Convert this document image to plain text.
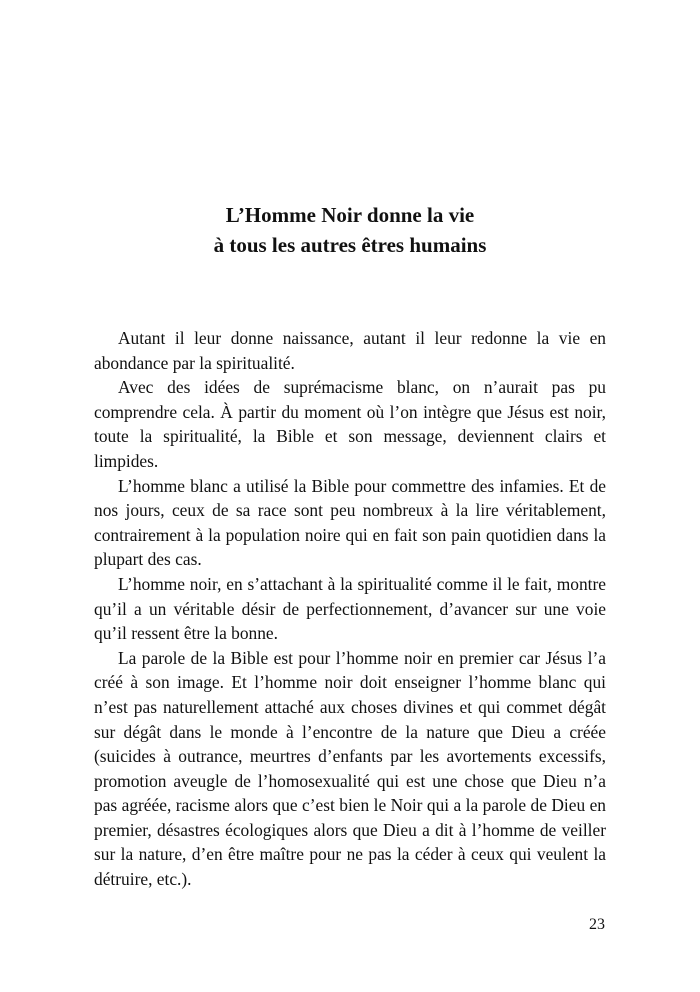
L’Homme Noir donne la vie

à tous les autres êtres humains

Autant il leur donne naissance, autant il leur redonne la vie en abondance par la spiritualité.

Avec des idées de suprémacisme blanc, on n’aurait pas pu comprendre cela. À partir du moment où l’on intègre que Jésus est noir, toute la spiritualité, la Bible et son message, deviennent clairs et limpides.

L’homme blanc a utilisé la Bible pour commettre des infamies. Et de nos jours, ceux de sa race sont peu nombreux à la lire véritablement, contrairement à la population noire qui en fait son pain quotidien dans la plupart des cas.

L’homme noir, en s’attachant à la spiritualité comme il le fait, montre qu’il a un véritable désir de perfectionnement, d’avancer sur une voie qu’il ressent être la bonne.

La parole de la Bible est pour l’homme noir en premier car Jésus l’a créé à son image. Et l’homme noir doit enseigner l’homme blanc qui n’est pas naturellement attaché aux choses divines et qui commet dégât sur dégât dans le monde à l’encontre de la nature que Dieu a créée (suicides à outrance, meurtres d’enfants par les avortements excessifs, promotion aveugle de l’homosexualité qui est une chose que Dieu n’a pas agréée, racisme alors que c’est bien le Noir qui a la parole de Dieu en premier, désastres écologiques alors que Dieu a dit à l’homme de veiller sur la nature, d’en être maître pour ne pas la céder à ceux qui veulent la détruire, etc.).

23
